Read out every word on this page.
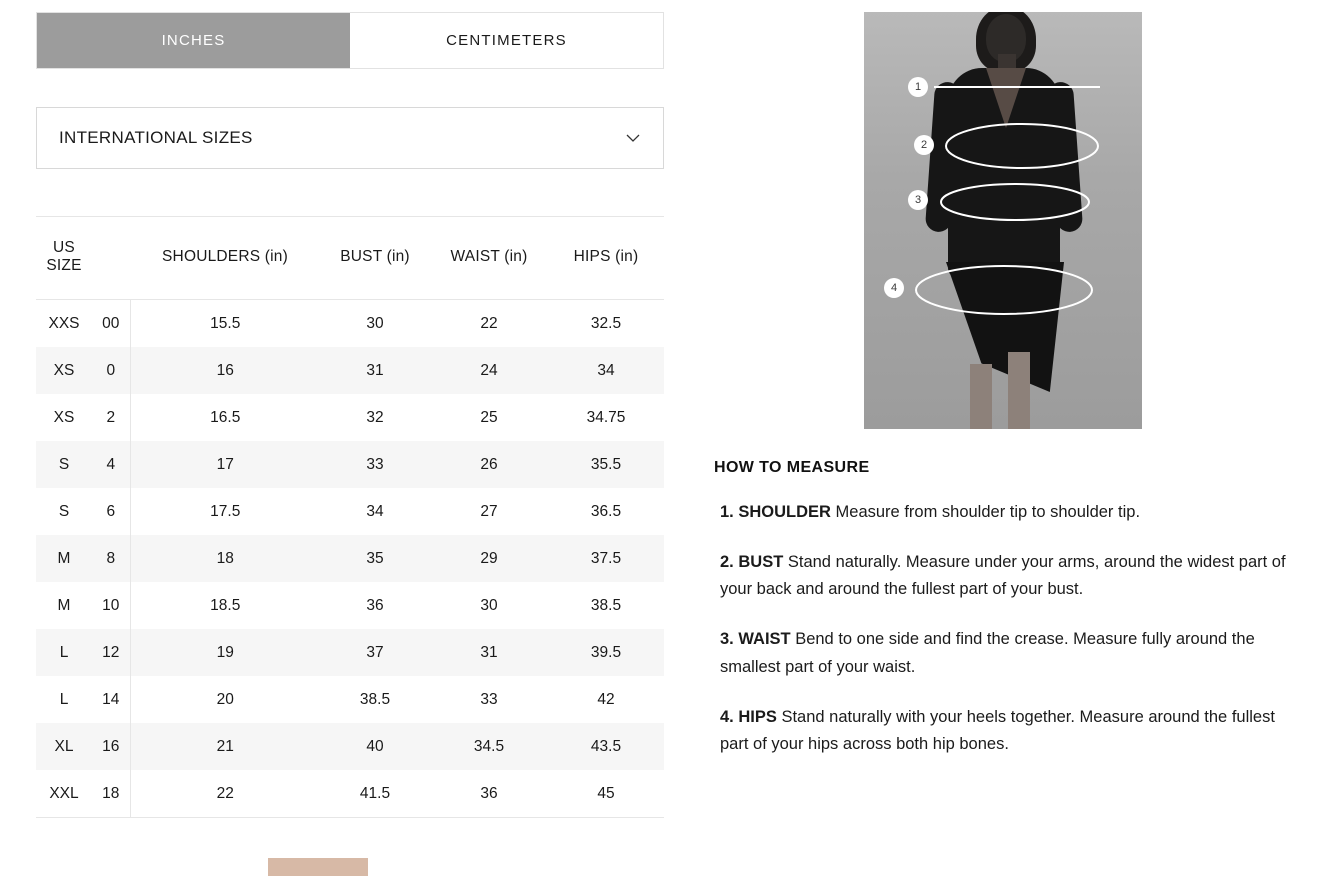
INCHES	CENTIMETERS
INTERNATIONAL SIZES
US SIZE		SHOULDERS (in)	BUST (in)	WAIST (in)	HIPS (in)
XXS	00	15.5	30	22	32.5
XS	0	16	31	24	34
XS	2	16.5	32	25	34.75
S	4	17	33	26	35.5
S	6	17.5	34	27	36.5
M	8	18	35	29	37.5
M	10	18.5	36	30	38.5
L	12	19	37	31	39.5
L	14	20	38.5	33	42
XL	16	21	40	34.5	43.5
XXL	18	22	41.5	36	45
1
2
3
4
HOW TO MEASURE
1. SHOULDER Measure from shoulder tip to shoulder tip.
2. BUST Stand naturally. Measure under your arms, around the widest part of your back and around the fullest part of your bust.
3. WAIST Bend to one side and find the crease. Measure fully around the smallest part of your waist.
4. HIPS Stand naturally with your heels together. Measure around the fullest part of your hips across both hip bones.
